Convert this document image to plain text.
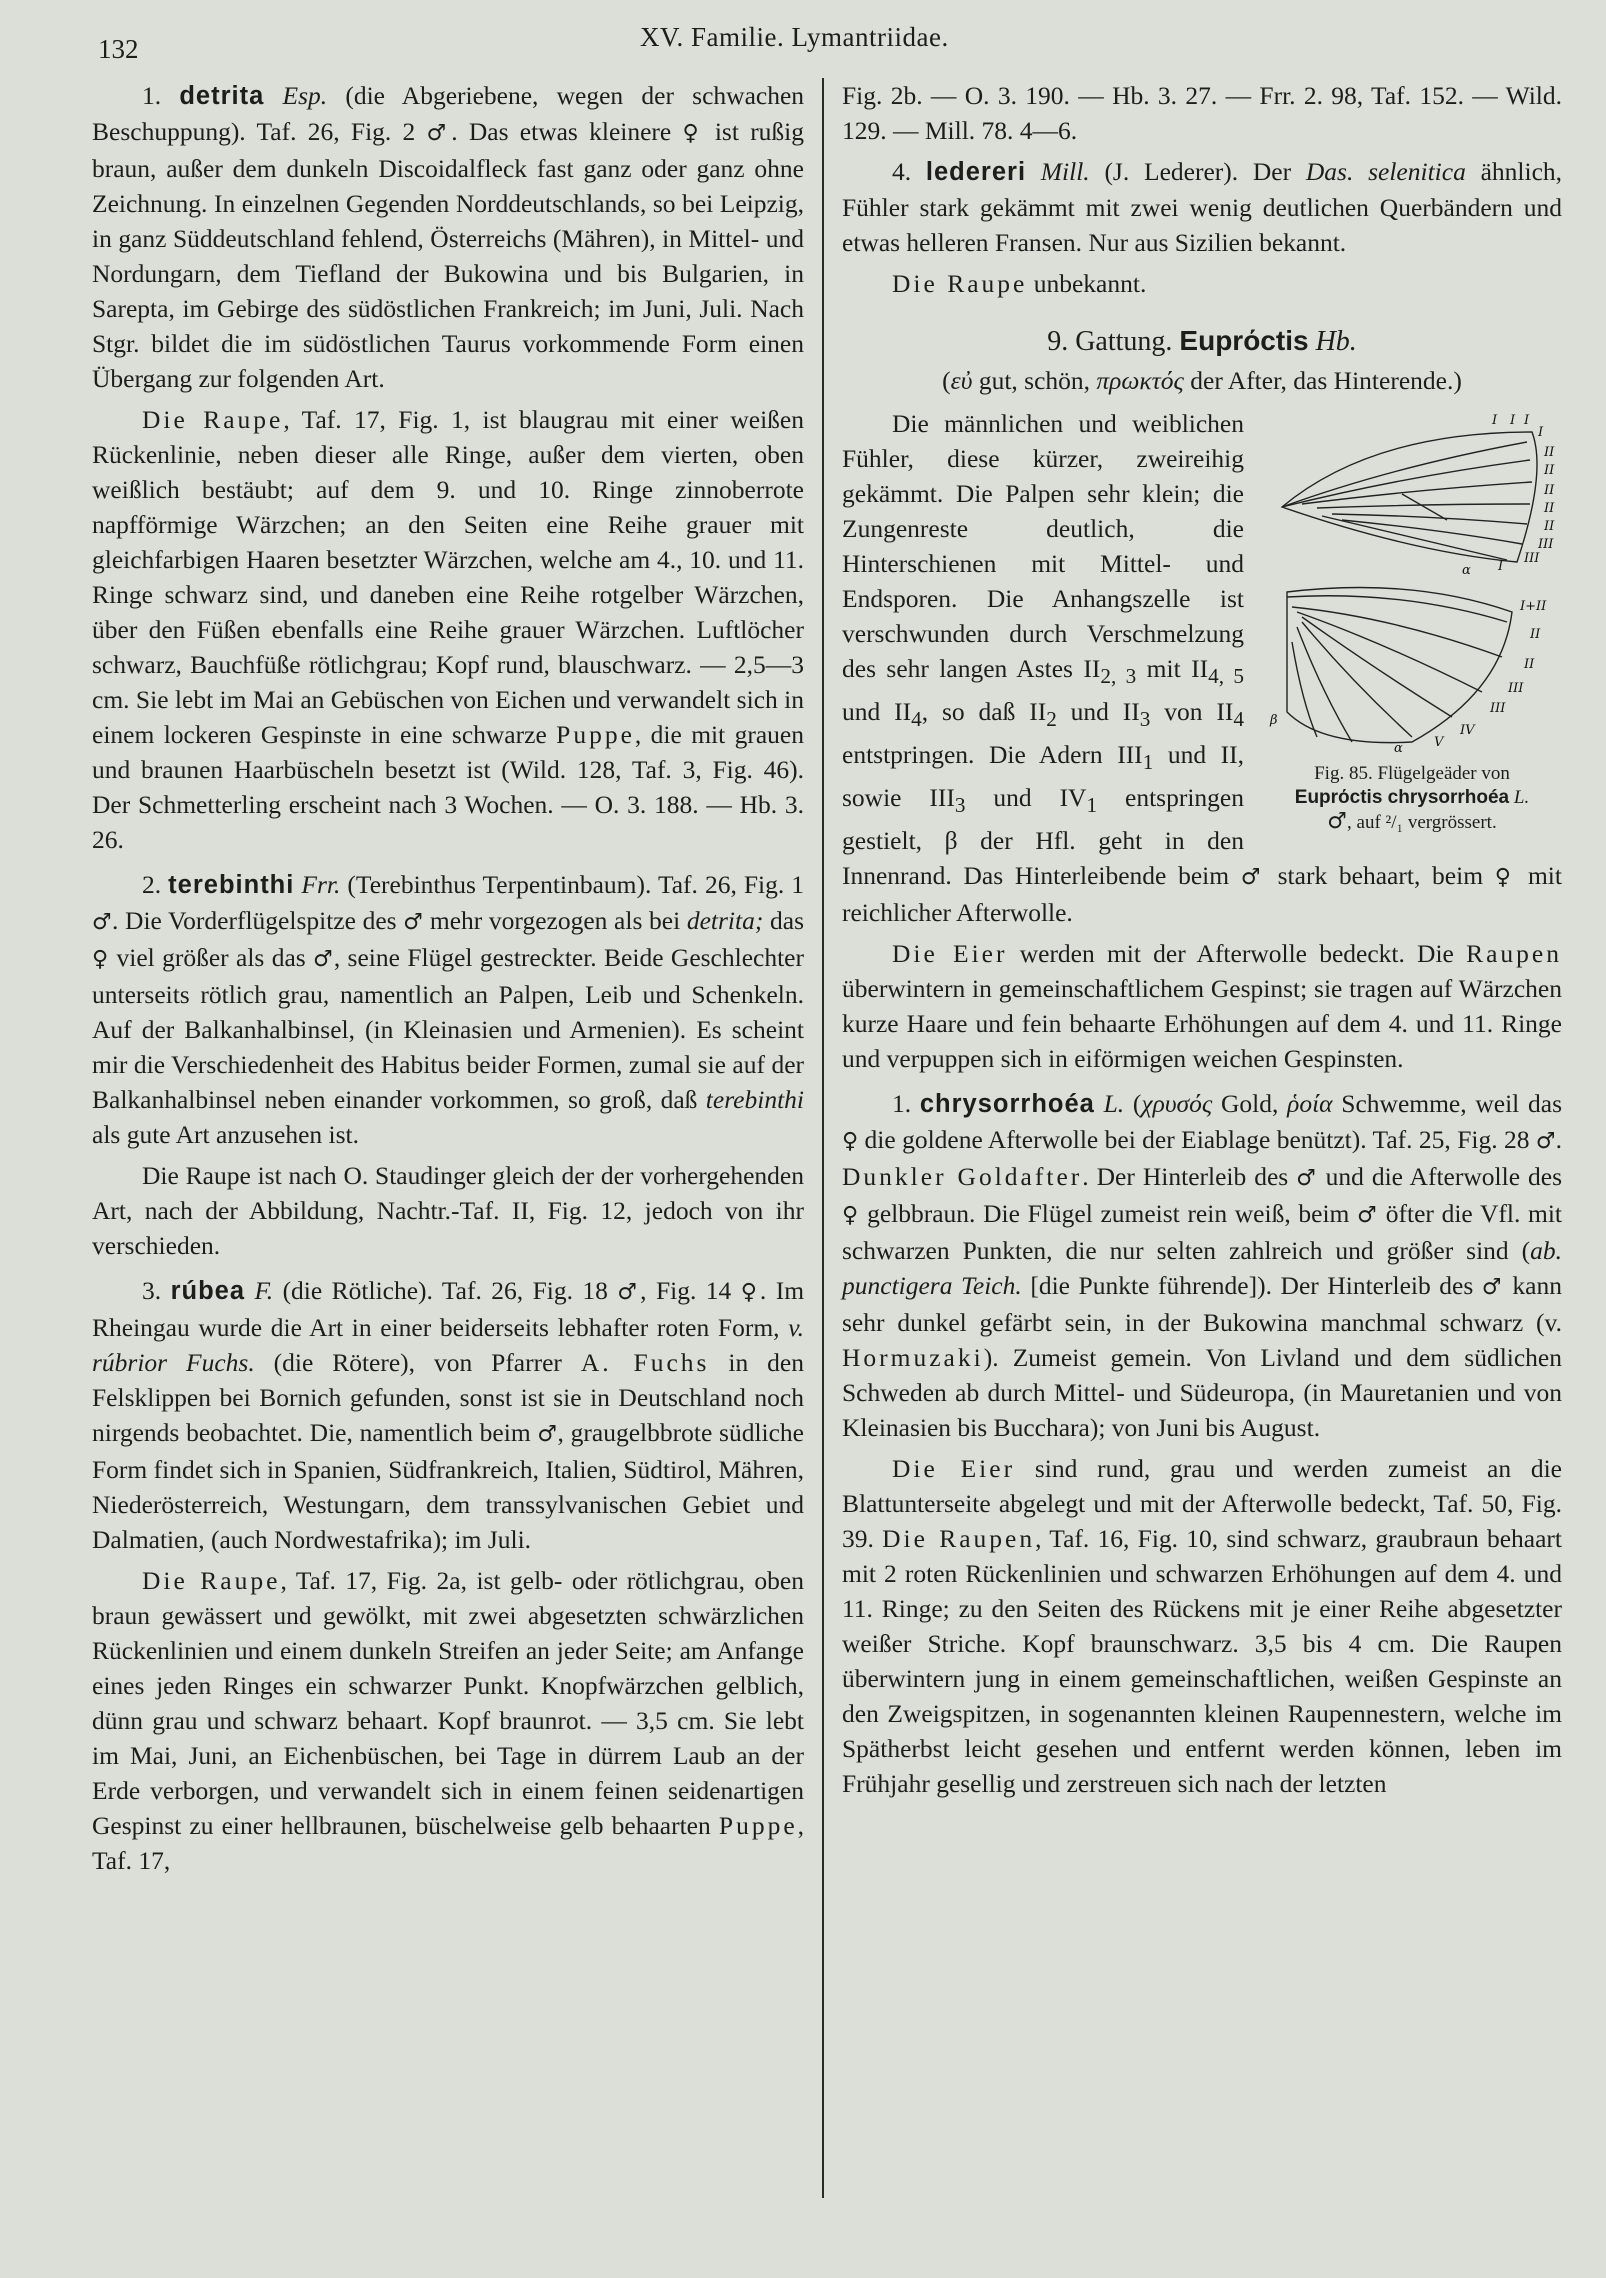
132	XV. Familie. Lymantriidae.

1. detrita Esp. (die Abgeriebene, wegen der schwachen Beschuppung). Taf. 26, Fig. 2 ♂. Das etwas kleinere ♀ ist rußig braun, außer dem dunkeln Discoidalfleck fast ganz oder ganz ohne Zeichnung. In einzelnen Gegenden Norddeutschlands, so bei Leipzig, in ganz Süddeutschland fehlend, Österreichs (Mähren), in Mittel- und Nordungarn, dem Tiefland der Bukowina und bis Bulgarien, in Sarepta, im Gebirge des südöstlichen Frankreich; im Juni, Juli. Nach Stgr. bildet die im südöstlichen Taurus vorkommende Form einen Übergang zur folgenden Art.

Die Raupe, Taf. 17, Fig. 1, ist blaugrau mit einer weißen Rückenlinie, neben dieser alle Ringe, außer dem vierten, oben weißlich bestäubt; auf dem 9. und 10. Ringe zinnoberrote napfförmige Wärzchen; an den Seiten eine Reihe grauer mit gleichfarbigen Haaren besetzter Wärzchen, welche am 4., 10. und 11. Ringe schwarz sind, und daneben eine Reihe rotgelber Wärzchen, über den Füßen ebenfalls eine Reihe grauer Wärzchen. Luftlöcher schwarz, Bauchfüße rötlichgrau; Kopf rund, blauschwarz. — 2,5—3 cm. Sie lebt im Mai an Gebüschen von Eichen und verwandelt sich in einem lockeren Gespinste in eine schwarze Puppe, die mit grauen und braunen Haarbüscheln besetzt ist (Wild. 128, Taf. 3, Fig. 46). Der Schmetterling erscheint nach 3 Wochen. — O. 3. 188. — Hb. 3. 26.

2. terebinthi Frr. (Terebinthus Terpentinbaum). Taf. 26, Fig. 1 ♂. Die Vorderflügelspitze des ♂ mehr vorgezogen als bei detrita; das ♀ viel größer als das ♂, seine Flügel gestreckter. Beide Geschlechter unterseits rötlich grau, namentlich an Palpen, Leib und Schenkeln. Auf der Balkanhalbinsel, (in Kleinasien und Armenien). Es scheint mir die Verschiedenheit des Habitus beider Formen, zumal sie auf der Balkanhalbinsel neben einander vorkommen, so groß, daß terebinthi als gute Art anzusehen ist.

Die Raupe ist nach O. Staudinger gleich der der vorhergehenden Art, nach der Abbildung, Nachtr.-Taf. II, Fig. 12, jedoch von ihr verschieden.

3. rúbea F. (die Rötliche). Taf. 26, Fig. 18 ♂, Fig. 14 ♀. Im Rheingau wurde die Art in einer beiderseits lebhafter roten Form, v. rúbrior Fuchs. (die Rötere), von Pfarrer A. Fuchs in den Felsklippen bei Bornich gefunden, sonst ist sie in Deutschland noch nirgends beobachtet. Die, namentlich beim ♂, graugelbbrote südliche Form findet sich in Spanien, Südfrankreich, Italien, Südtirol, Mähren, Niederösterreich, Westungarn, dem transsylvanischen Gebiet und Dalmatien, (auch Nordwestafrika); im Juli.

Die Raupe, Taf. 17, Fig. 2a, ist gelb- oder rötlichgrau, oben braun gewässert und gewölkt, mit zwei abgesetzten schwärzlichen Rückenlinien und einem dunkeln Streifen an jeder Seite; am Anfange eines jeden Ringes ein schwarzer Punkt. Knopfwärzchen gelblich, dünn grau und schwarz behaart. Kopf braunrot. — 3,5 cm. Sie lebt im Mai, Juni, an Eichenbüschen, bei Tage in dürrem Laub an der Erde verborgen, und verwandelt sich in einem feinen seidenartigen Gespinst zu einer hellbraunen, büschelweise gelb behaarten Puppe, Taf. 17,

Fig. 2b. — O. 3. 190. — Hb. 3. 27. — Frr. 2. 98, Taf. 152. — Wild. 129. — Mill. 78. 4—6.

4. ledereri Mill. (J. Lederer). Der Das. selenitica ähnlich, Fühler stark gekämmt mit zwei wenig deutlichen Querbändern und etwas helleren Fransen. Nur aus Sizilien bekannt.

Die Raupe unbekannt.

9. Gattung. Euprόctis Hb.

(εὐ gut, schön, πρωκτός der After, das Hinterende.)

I I I
I
II
II
II
II
II
III
III
I
α
I+II
II
II
III
III
IV
V
α
β
Fig. 85. Flügelgeäder von
Euprόctis chrysorrhoéa L.
♂, auf ²/₁ vergrössert.

Die männlichen und weiblichen Fühler, diese kürzer, zweireihig gekämmt. Die Palpen sehr klein; die Zungenreste deutlich, die Hinterschienen mit Mittel- und Endsporen. Die Anhangszelle ist verschwunden durch Verschmelzung des sehr langen Astes $II_{2, 3}$ mit $II_{4, 5}$ und $II_4$, so daß $II_2$ und $II_3$ von $II_4$ entstpringen. Die Adern $III_1$ und II, sowie $III_3$ und $IV_1$ entspringen gestielt, β der Hfl. geht in den Innenrand. Das Hinterleibende beim ♂ stark behaart, beim ♀ mit reichlicher Afterwolle.

Die Eier werden mit der Afterwolle bedeckt. Die Raupen überwintern in gemeinschaftlichem Gespinst; sie tragen auf Wärzchen kurze Haare und fein behaarte Erhöhungen auf dem 4. und 11. Ringe und verpuppen sich in eiförmigen weichen Gespinsten.

1. chrysorrhoéa L. (χρυσός Gold, ῥοία Schwemme, weil das ♀ die goldene Afterwolle bei der Eiablage benützt). Taf. 25, Fig. 28 ♂. Dunkler Goldafter. Der Hinterleib des ♂ und die Afterwolle des ♀ gelbbraun. Die Flügel zumeist rein weiß, beim ♂ öfter die Vfl. mit schwarzen Punkten, die nur selten zahlreich und größer sind (ab. punctigera Teich. [die Punkte führende]). Der Hinterleib des ♂ kann sehr dunkel gefärbt sein, in der Bukowina manchmal schwarz (v. Hormuzaki). Zumeist gemein. Von Livland und dem südlichen Schweden ab durch Mittel- und Südeuropa, (in Mauretanien und von Kleinasien bis Bucchara); von Juni bis August.

Die Eier sind rund, grau und werden zumeist an die Blattunterseite abgelegt und mit der Afterwolle bedeckt, Taf. 50, Fig. 39. Die Raupen, Taf. 16, Fig. 10, sind schwarz, graubraun behaart mit 2 roten Rückenlinien und schwarzen Erhöhungen auf dem 4. und 11. Ringe; zu den Seiten des Rückens mit je einer Reihe abgesetzter weißer Striche. Kopf braunschwarz. 3,5 bis 4 cm. Die Raupen überwintern jung in einem gemeinschaftlichen, weißen Gespinste an den Zweigspitzen, in sogenannten kleinen Raupennestern, welche im Spätherbst leicht gesehen und entfernt werden können, leben im Frühjahr gesellig und zerstreuen sich nach der letzten
